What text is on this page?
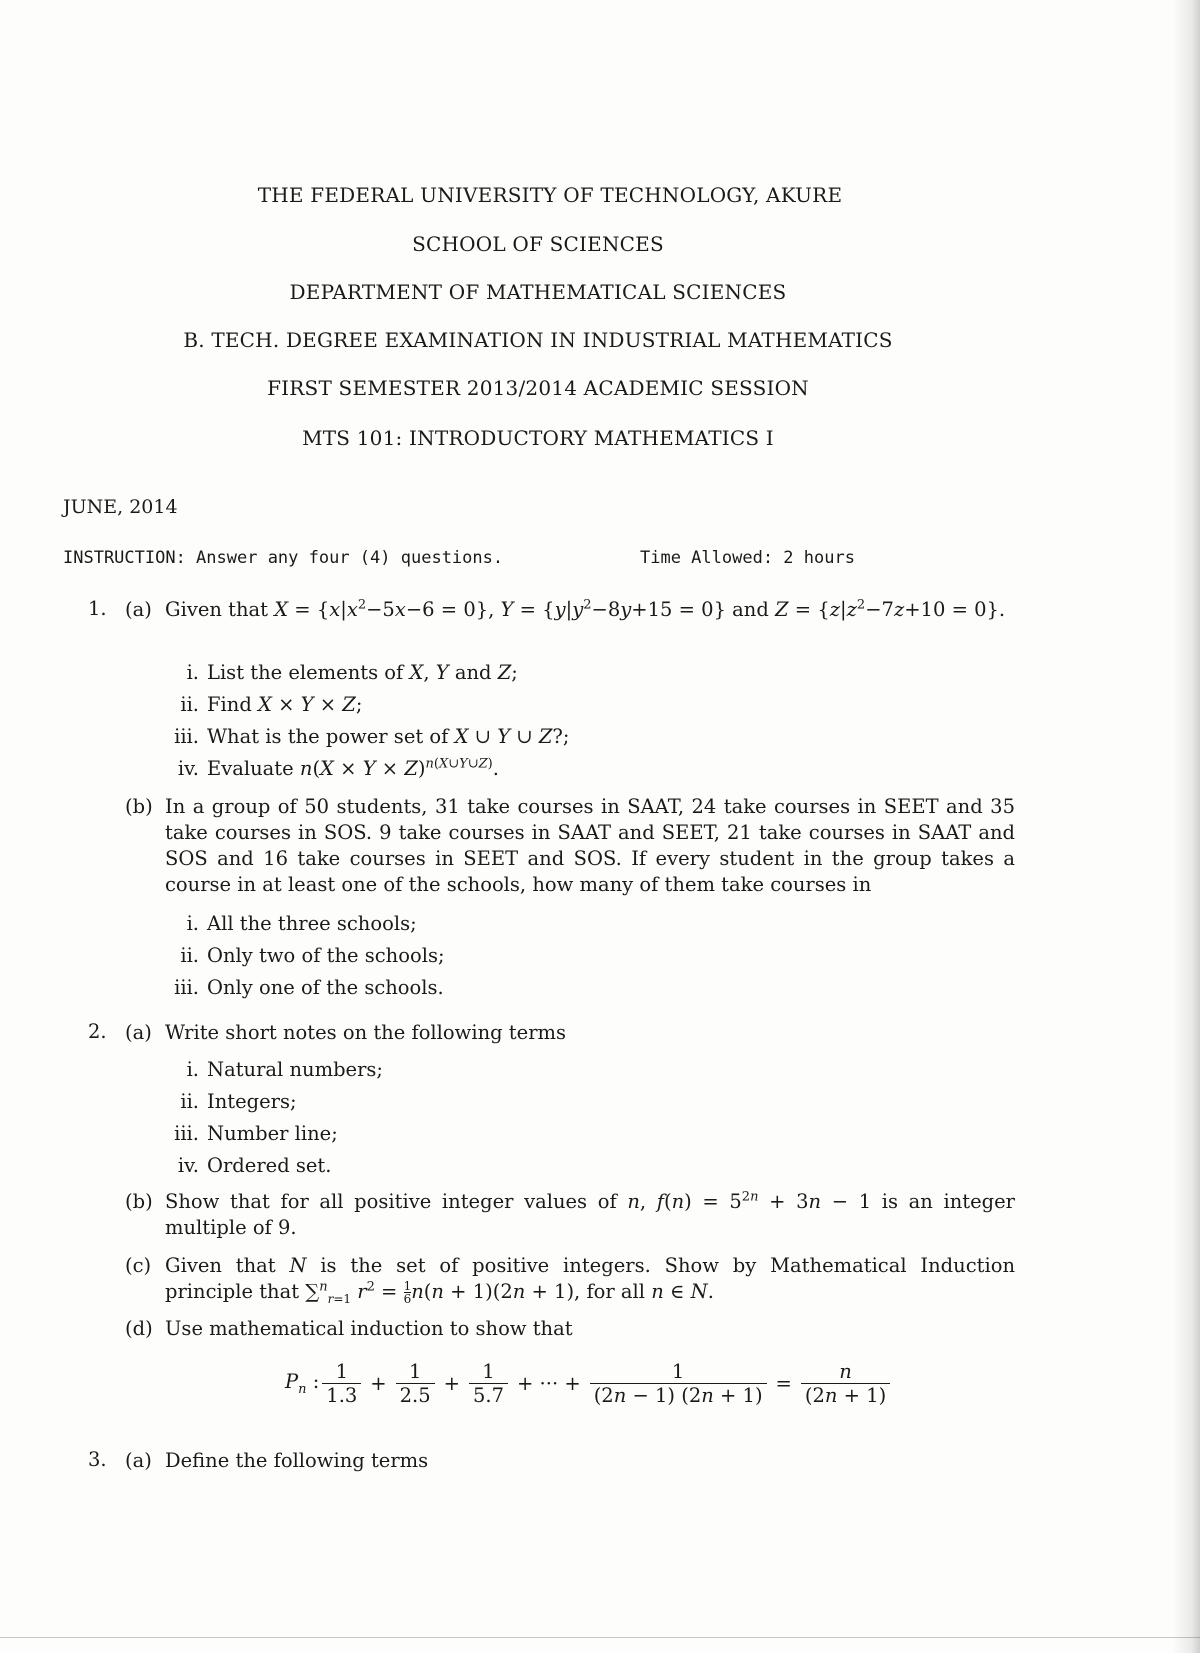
THE FEDERAL UNIVERSITY OF TECHNOLOGY, AKURE
SCHOOL OF SCIENCES
DEPARTMENT OF MATHEMATICAL SCIENCES
B. TECH. DEGREE EXAMINATION IN INDUSTRIAL MATHEMATICS
FIRST SEMESTER 2013/2014 ACADEMIC SESSION
MTS 101: INTRODUCTORY MATHEMATICS I
JUNE, 2014
INSTRUCTION: Answer any four (4) questions.	Time Allowed: 2 hours
1. (a) Given that $X = \{x|x^2-5x-6 = 0\}$, $Y = \{y|y^2-8y+15 = 0\}$ and $Z = \{z|z^2-7z+10 = 0\}$.
i. List the elements of X, Y and Z;
ii. Find X × Y × Z;
iii. What is the power set of X ∪ Y ∪ Z?;
iv. Evaluate $n(X \times Y \times Z)^{n(X\cup Y\cup Z)}$.
(b) In a group of 50 students, 31 take courses in SAAT, 24 take courses in SEET and 35 take courses in SOS. 9 take courses in SAAT and SEET, 21 take courses in SAAT and SOS and 16 take courses in SEET and SOS. If every student in the group takes a course in at least one of the schools, how many of them take courses in
i. All the three schools;
ii. Only two of the schools;
iii. Only one of the schools.
2. (a) Write short notes on the following terms
i. Natural numbers;
ii. Integers;
iii. Number line;
iv. Ordered set.
(b) Show that for all positive integer values of n, $f(n) = 5^{2n} + 3n - 1$ is an integer multiple of 9.
(c) Given that N is the set of positive integers. Show by Mathematical Induction principle that ∑$^n_{r=1}$ $r^2 = \frac{1}{6} n(n + 1)(2n + 1)$, for all n ∈ N.
(d) Use mathematical induction to show that
$P_n$ : $\frac{1}{1.3} + \frac{1}{2.5} + \frac{1}{5.7}$ + ··· + $\frac{1}{(2n - 1) (2n + 1)} = \frac{n}{(2n + 1)}$
3. (a) Define the following terms
